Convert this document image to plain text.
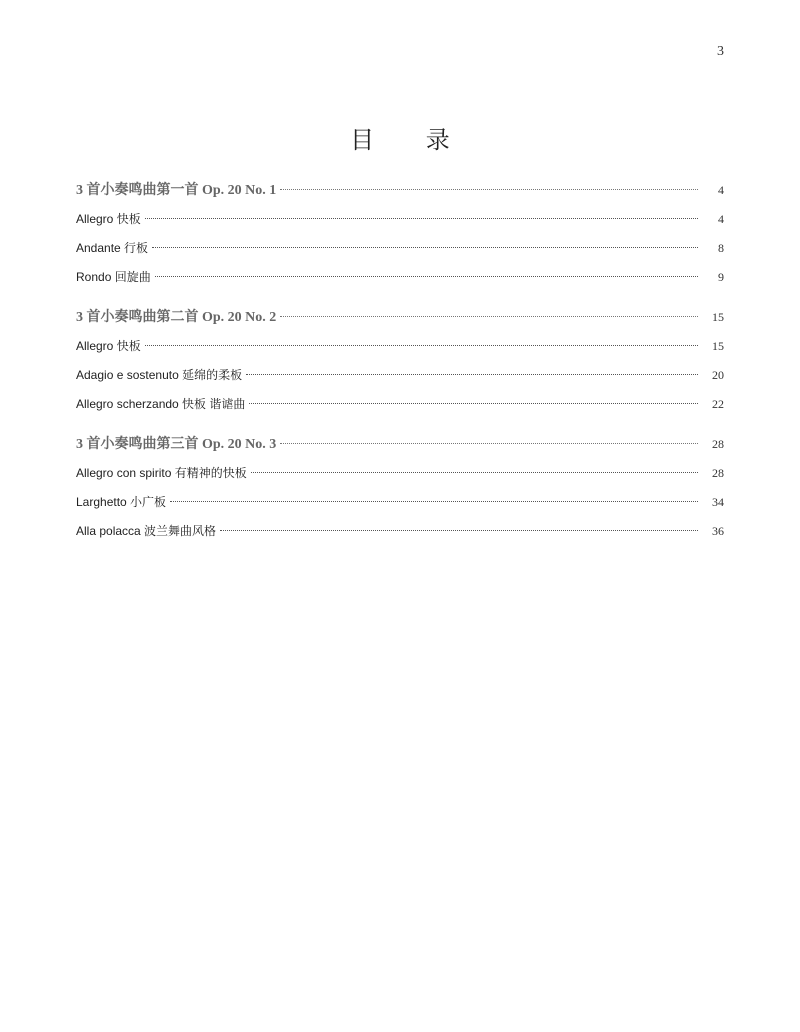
3
目 录
3 首小奏鸣曲第一首 Op. 20 No. 1	4
Allegro 快板	4
Andante 行板	8
Rondo 回旋曲	9
3 首小奏鸣曲第二首 Op. 20 No. 2	15
Allegro 快板	15
Adagio e sostenuto 延绵的柔板	20
Allegro scherzando 快板 谐谑曲	22
3 首小奏鸣曲第三首 Op. 20 No. 3	28
Allegro con spirito 有精神的快板	28
Larghetto 小广板	34
Alla polacca 波兰舞曲风格	36
